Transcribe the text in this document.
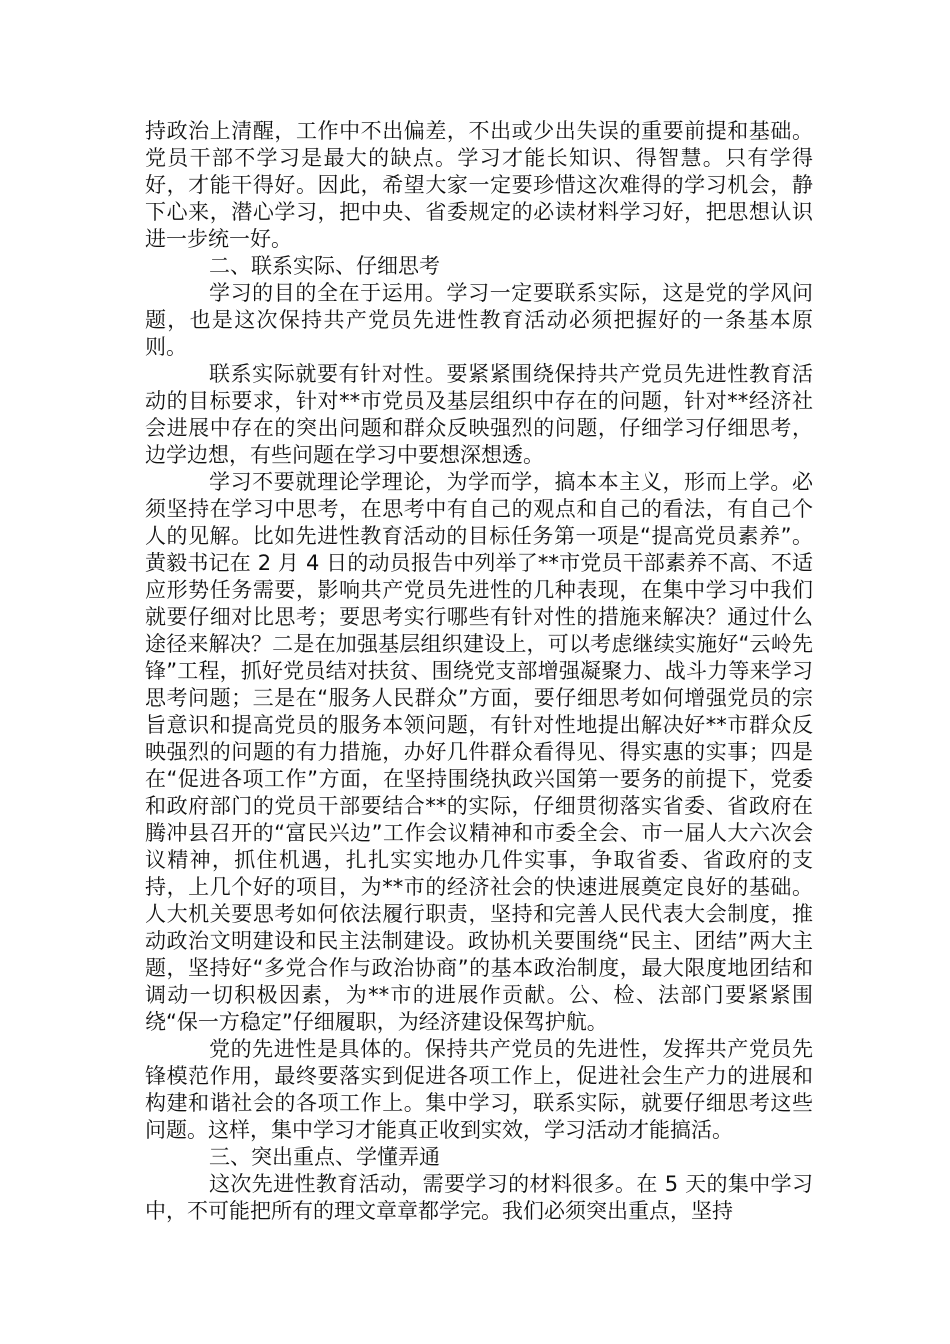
持政治上清醒，工作中不出偏差，不出或少出失误的重要前提和基础。党员干部不学习是最大的缺点。学习才能长知识、得智慧。只有学得好，才能干得好。因此，希望大家一定要珍惜这次难得的学习机会，静下心来，潜心学习，把中央、省委规定的必读材料学习好，把思想认识进一步统一好。

二、联系实际、仔细思考

学习的目的全在于运用。学习一定要联系实际，这是党的学风问题，也是这次保持共产党员先进性教育活动必须把握好的一条基本原则。

联系实际就要有针对性。要紧紧围绕保持共产党员先进性教育活动的目标要求，针对**市党员及基层组织中存在的问题，针对**经济社会进展中存在的突出问题和群众反映强烈的问题，仔细学习仔细思考，边学边想，有些问题在学习中要想深想透。

学习不要就理论学理论，为学而学，搞本本主义，形而上学。必须坚持在学习中思考，在思考中有自己的观点和自己的看法，有自己个人的见解。比如先进性教育活动的目标任务第一项是“提高党员素养”。黄毅书记在 2 月 4 日的动员报告中列举了**市党员干部素养不高、不适应形势任务需要，影响共产党员先进性的几种表现，在集中学习中我们就要仔细对比思考；要思考实行哪些有针对性的措施来解决？通过什么途径来解决？二是在加强基层组织建设上，可以考虑继续实施好“云岭先锋”工程，抓好党员结对扶贫、围绕党支部增强凝聚力、战斗力等来学习思考问题；三是在“服务人民群众”方面，要仔细思考如何增强党员的宗旨意识和提高党员的服务本领问题，有针对性地提出解决好**市群众反映强烈的问题的有力措施，办好几件群众看得见、得实惠的实事；四是在“促进各项工作”方面，在坚持围绕执政兴国第一要务的前提下，党委和政府部门的党员干部要结合**的实际，仔细贯彻落实省委、省政府在腾冲县召开的“富民兴边”工作会议精神和市委全会、市一届人大六次会议精神，抓住机遇，扎扎实实地办几件实事，争取省委、省政府的支持，上几个好的项目，为**市的经济社会的快速进展奠定良好的基础。人大机关要思考如何依法履行职责，坚持和完善人民代表大会制度，推动政治文明建设和民主法制建设。政协机关要围绕“民主、团结”两大主题，坚持好“多党合作与政治协商”的基本政治制度，最大限度地团结和调动一切积极因素，为**市的进展作贡献。公、检、法部门要紧紧围绕“保一方稳定”仔细履职，为经济建设保驾护航。

党的先进性是具体的。保持共产党员的先进性，发挥共产党员先锋模范作用，最终要落实到促进各项工作上，促进社会生产力的进展和构建和谐社会的各项工作上。集中学习，联系实际，就要仔细思考这些问题。这样，集中学习才能真正收到实效，学习活动才能搞活。

三、突出重点、学懂弄通

这次先进性教育活动，需要学习的材料很多。在 5 天的集中学习中，不可能把所有的理文章章都学完。我们必须突出重点，坚持
